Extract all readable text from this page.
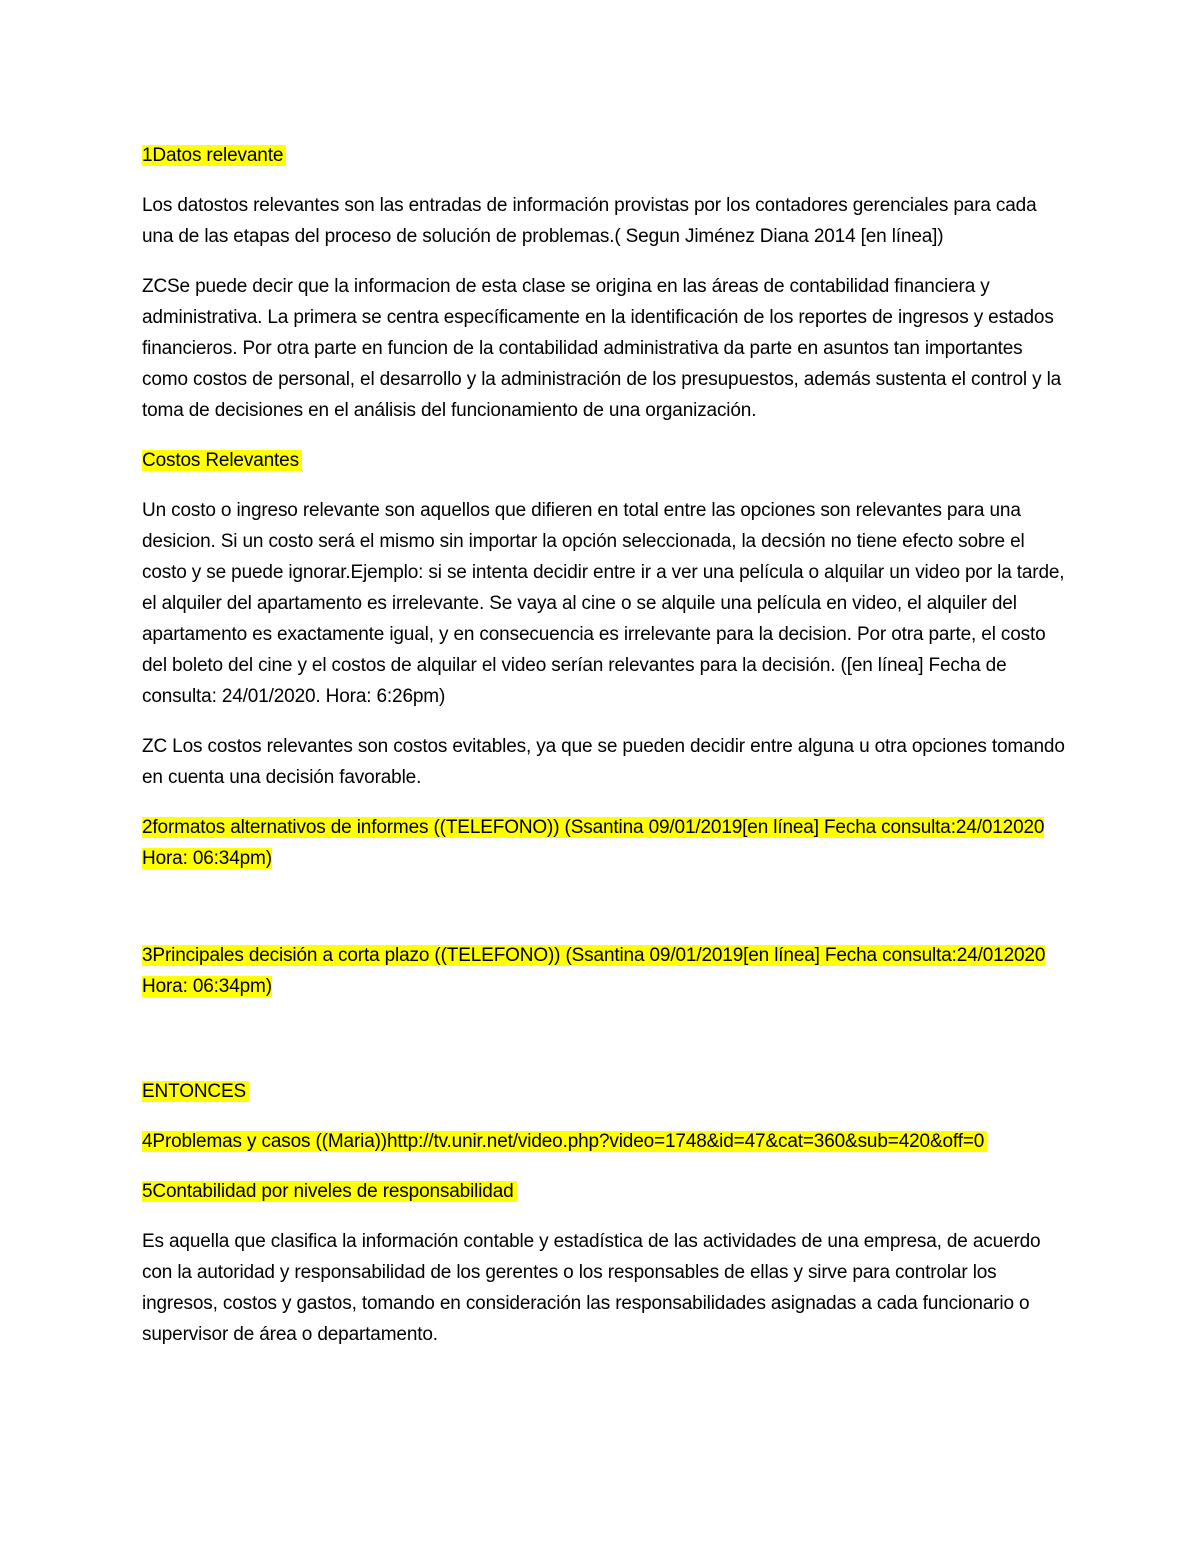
1Datos relevante
Los datostos relevantes son las entradas de información provistas por los contadores gerenciales para cada una de las etapas del proceso de solución de problemas.( Segun Jiménez Diana 2014 [en línea])
ZCSe puede decir que la informacion de esta clase se origina en las áreas de contabilidad financiera y administrativa. La primera se centra específicamente en la identificación de los reportes de ingresos y estados financieros. Por otra parte en funcion de la contabilidad administrativa da parte en asuntos tan importantes como costos de personal, el desarrollo y la administración de los presupuestos, además sustenta el control y la toma de decisiones en el análisis del funcionamiento de una organización.
Costos Relevantes
Un costo o ingreso relevante son aquellos que difieren en total entre las opciones son relevantes para una desicion. Si un costo será el mismo sin importar la opción seleccionada, la decsión no tiene efecto sobre el costo y se puede ignorar.Ejemplo: si se intenta decidir entre ir a ver una película o alquilar un video por la tarde, el alquiler del apartamento es irrelevante. Se vaya al cine o se alquile una película en video, el alquiler del apartamento es exactamente igual, y en consecuencia es irrelevante para la decision. Por otra parte, el costo del boleto del cine y el costos de alquilar el video serían relevantes para la decisión. ([en línea] Fecha de consulta: 24/01/2020. Hora: 6:26pm)
ZC Los costos relevantes son costos evitables, ya que se pueden decidir entre alguna u otra opciones tomando en cuenta una decisión favorable.
2formatos alternativos de informes ((TELEFONO)) (Ssantina 09/01/2019[en línea] Fecha consulta:24/012020 Hora: 06:34pm)
3Principales decisión a corta plazo ((TELEFONO)) (Ssantina 09/01/2019[en línea] Fecha consulta:24/012020 Hora: 06:34pm)
ENTONCES
4Problemas y casos ((Maria))http://tv.unir.net/video.php?video=1748&id=47&cat=360&sub=420&off=0
5Contabilidad por niveles de responsabilidad
Es aquella que clasifica la información contable y estadística de las actividades de una empresa, de acuerdo con la autoridad y responsabilidad de los gerentes o los responsables de ellas y sirve para controlar los ingresos, costos y gastos, tomando en consideración las responsabilidades asignadas a cada funcionario o supervisor de área o departamento.
